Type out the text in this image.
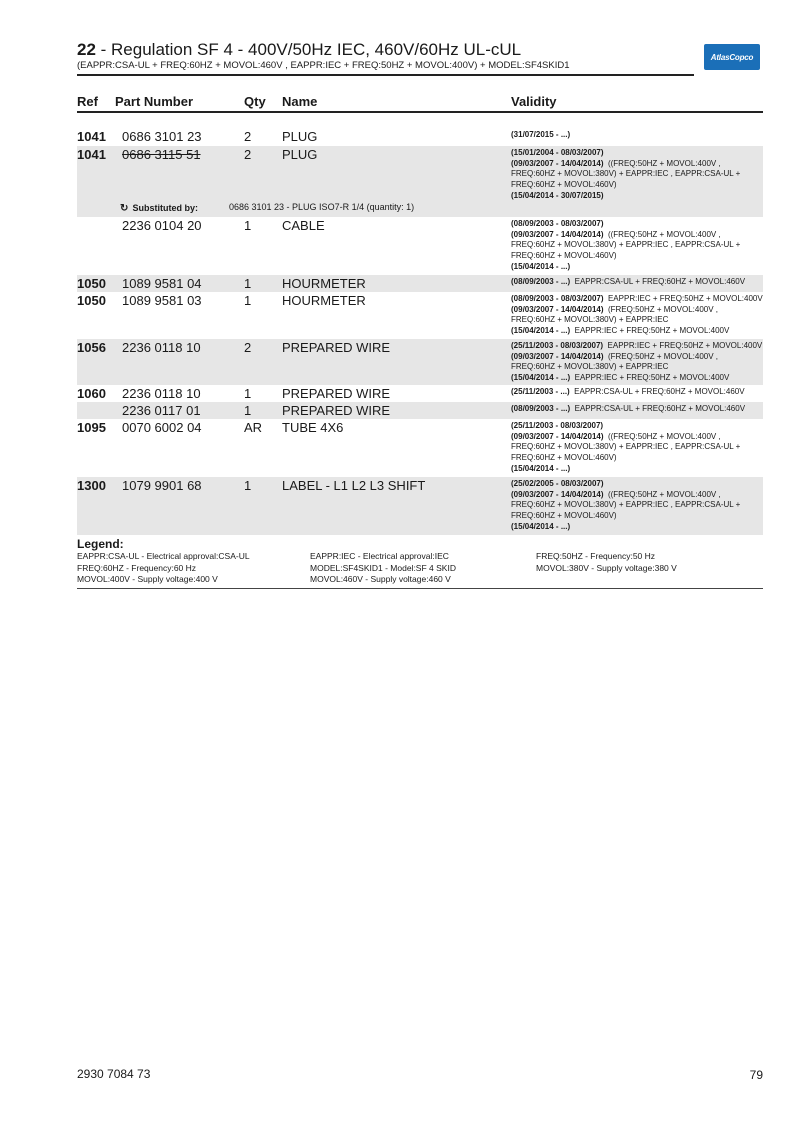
22 - Regulation SF 4 - 400V/50Hz IEC, 460V/60Hz UL-cUL
(EAPPR:CSA-UL + FREQ:60HZ + MOVOL:460V , EAPPR:IEC + FREQ:50HZ + MOVOL:400V) + MODEL:SF4SKID1
AtlasCopco
Ref Part Number	Qty Name	Validity
1041 0686 3101 23	2 PLUG	(31/07/2015 - ...)
1041 0686 3115 51	2 PLUG	(15/01/2004 - 08/03/2007)
(09/03/2007 - 14/04/2014) ((FREQ:50HZ + MOVOL:400V , FREQ:60HZ + MOVOL:380V) + EAPPR:IEC , EAPPR:CSA-UL + FREQ:60HZ + MOVOL:460V)
(15/04/2014 - 30/07/2015)
↻ Substituted by:	0686 3101 23 - PLUG ISO7-R 1/4 (quantity: 1)
2236 0104 20	1 CABLE	(08/09/2003 - 08/03/2007)
(09/03/2007 - 14/04/2014) ((FREQ:50HZ + MOVOL:400V , FREQ:60HZ + MOVOL:380V) + EAPPR:IEC , EAPPR:CSA-UL + FREQ:60HZ + MOVOL:460V)
(15/04/2014 - ...)
1050 1089 9581 04	1 HOURMETER	(08/09/2003 - ...) EAPPR:CSA-UL + FREQ:60HZ + MOVOL:460V
1050 1089 9581 03	1 HOURMETER	(08/09/2003 - 08/03/2007) EAPPR:IEC + FREQ:50HZ + MOVOL:400V
(09/03/2007 - 14/04/2014) (FREQ:50HZ + MOVOL:400V , FREQ:60HZ + MOVOL:380V) + EAPPR:IEC
(15/04/2014 - ...) EAPPR:IEC + FREQ:50HZ + MOVOL:400V
1056 2236 0118 10	2 PREPARED WIRE	(25/11/2003 - 08/03/2007) EAPPR:IEC + FREQ:50HZ + MOVOL:400V
(09/03/2007 - 14/04/2014) (FREQ:50HZ + MOVOL:400V , FREQ:60HZ + MOVOL:380V) + EAPPR:IEC
(15/04/2014 - ...) EAPPR:IEC + FREQ:50HZ + MOVOL:400V
1060 2236 0118 10	1 PREPARED WIRE	(25/11/2003 - ...) EAPPR:CSA-UL + FREQ:60HZ + MOVOL:460V
2236 0117 01	1 PREPARED WIRE	(08/09/2003 - ...) EAPPR:CSA-UL + FREQ:60HZ + MOVOL:460V
1095 0070 6002 04	AR TUBE 4X6	(25/11/2003 - 08/03/2007)
(09/03/2007 - 14/04/2014) ((FREQ:50HZ + MOVOL:400V , FREQ:60HZ + MOVOL:380V) + EAPPR:IEC , EAPPR:CSA-UL + FREQ:60HZ + MOVOL:460V)
(15/04/2014 - ...)
1300 1079 9901 68	1 LABEL - L1 L2 L3 SHIFT	(25/02/2005 - 08/03/2007)
(09/03/2007 - 14/04/2014) ((FREQ:50HZ + MOVOL:400V , FREQ:60HZ + MOVOL:380V) + EAPPR:IEC , EAPPR:CSA-UL + FREQ:60HZ + MOVOL:460V)
(15/04/2014 - ...)
Legend:
EAPPR:CSA-UL - Electrical approval:CSA-UL	EAPPR:IEC - Electrical approval:IEC	FREQ:50HZ - Frequency:50 Hz
FREQ:60HZ - Frequency:60 Hz	MODEL:SF4SKID1 - Model:SF 4 SKID	MOVOL:380V - Supply voltage:380 V
MOVOL:400V - Supply voltage:400 V	MOVOL:460V - Supply voltage:460 V
2930 7084 73	79
